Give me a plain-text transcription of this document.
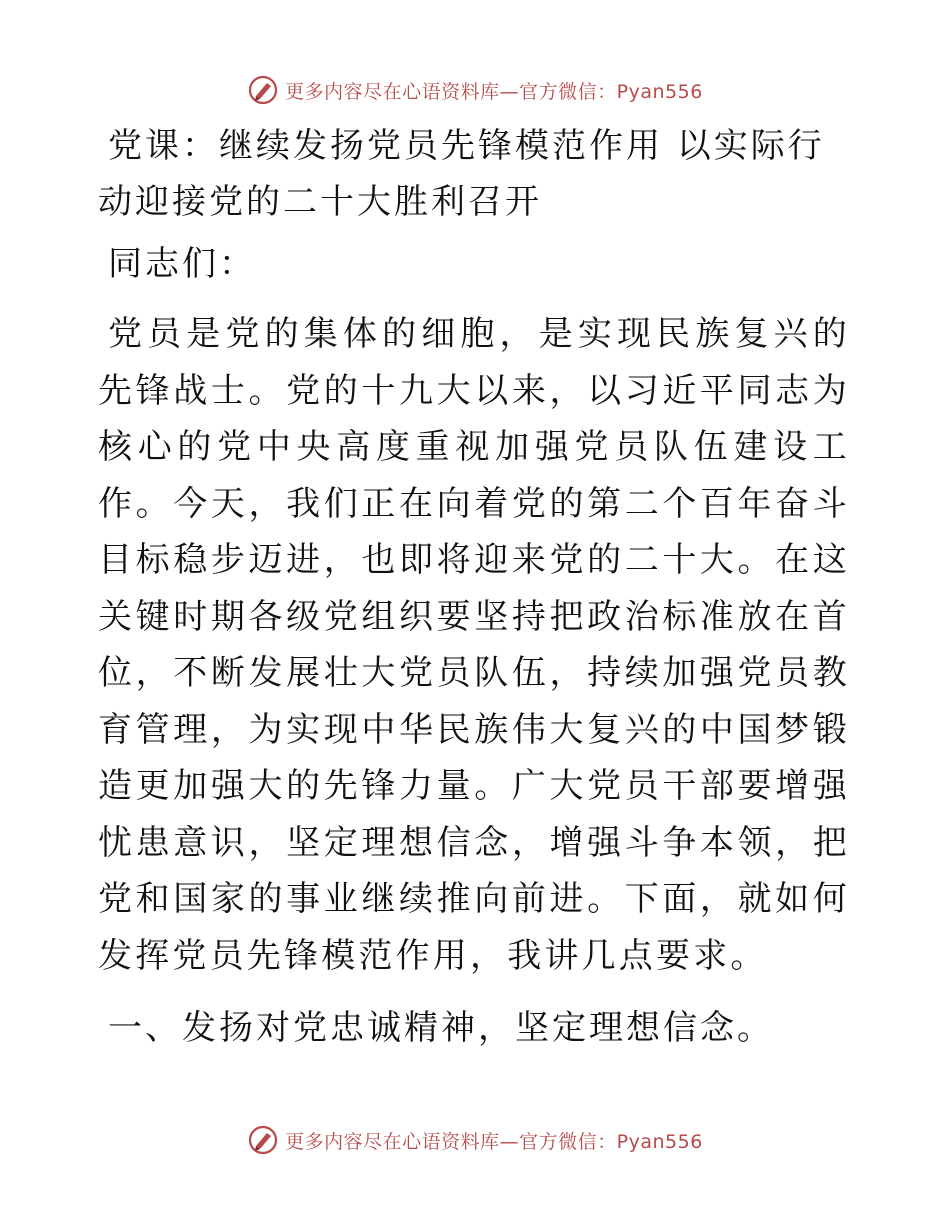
更多内容尽在心语资料库—官方微信：Pyan556
党课：继续发扬党员先锋模范作用 以实际行动迎接党的二十大胜利召开

同志们：

党员是党的集体的细胞，是实现民族复兴的先锋战士。党的十九大以来，以习近平同志为核心的党中央高度重视加强党员队伍建设工作。今天，我们正在向着党的第二个百年奋斗目标稳步迈进，也即将迎来党的二十大。在这关键时期各级党组织要坚持把政治标准放在首位，不断发展壮大党员队伍，持续加强党员教育管理，为实现中华民族伟大复兴的中国梦锻造更加强大的先锋力量。广大党员干部要增强忧患意识，坚定理想信念，增强斗争本领，把党和国家的事业继续推向前进。下面，就如何发挥党员先锋模范作用，我讲几点要求。

一、发扬对党忠诚精神，坚定理想信念。
更多内容尽在心语资料库—官方微信：Pyan556
